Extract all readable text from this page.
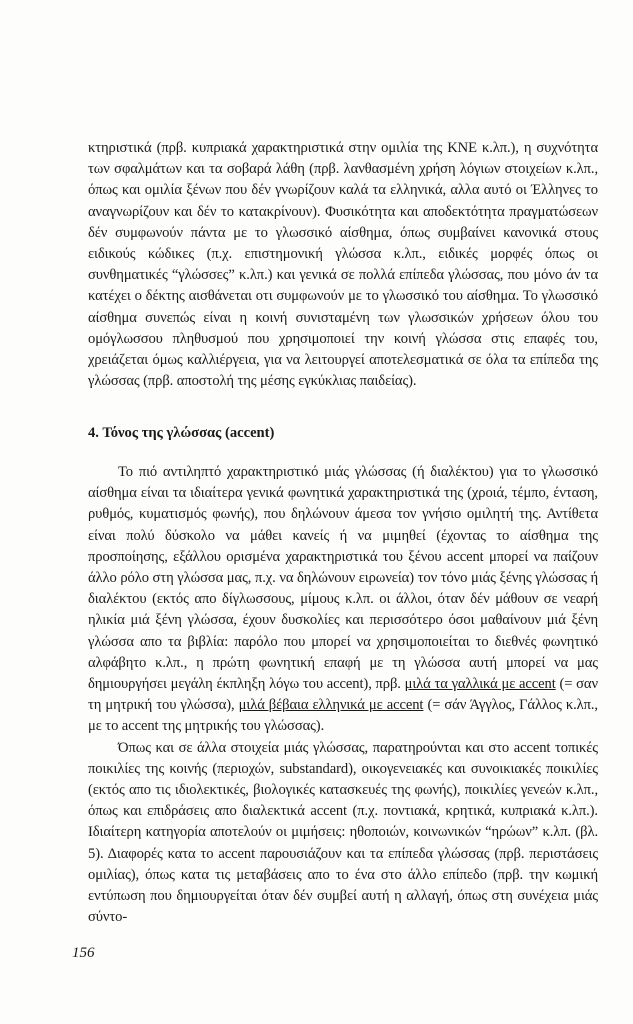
κτηριστικά (πρβ. κυπριακά χαρακτηριστικά στην ομιλία της ΚΝΕ κ.λπ.), η συχνότητα των σφαλμάτων και τα σοβαρά λάθη (πρβ. λανθασμένη χρήση λόγιων στοιχείων κ.λπ., όπως και ομιλία ξένων που δέν γνωρίζουν καλά τα ελληνικά, αλλα αυτό οι Έλληνες το αναγνωρίζουν και δέν το κατακρίνουν). Φυσικότητα και αποδεκτότητα πραγματώσεων δέν συμφωνούν πάντα με το γλωσσικό αίσθημα, όπως συμβαίνει κανονικά στους ειδικούς κώδικες (π.χ. επιστημονική γλώσσα κ.λπ., ειδικές μορφές όπως οι συνθηματικές “γλώσσες” κ.λπ.) και γενικά σε πολλά επίπεδα γλώσσας, που μόνο άν τα κατέχει ο δέκτης αισθάνεται οτι συμφωνούν με το γλωσσικό του αίσθημα. Το γλωσσικό αίσθημα συνεπώς είναι η κοινή συνισταμένη των γλωσσικών χρήσεων όλου του ομόγλωσσου πληθυσμού που χρησιμοποιεί την κοινή γλώσσα στις επαφές του, χρειάζεται όμως καλλιέργεια, για να λειτουργεί αποτελεσματικά σε όλα τα επίπεδα της γλώσσας (πρβ. αποστολή της μέσης εγκύκλιας παιδείας).

4. Τόνος της γλώσσας (accent)

Το πιό αντιληπτό χαρακτηριστικό μιάς γλώσσας (ή διαλέκτου) για το γλωσσικό αίσθημα είναι τα ιδιαίτερα γενικά φωνητικά χαρακτηριστικά της (χροιά, τέμπο, ένταση, ρυθμός, κυματισμός φωνής), που δηλώνουν άμεσα τον γνήσιο ομιλητή της. Αντίθετα είναι πολύ δύσκολο να μάθει κανείς ή να μιμηθεί (έχοντας το αίσθημα της προσποίησης, εξάλλου ορισμένα χαρακτηριστικά του ξένου accent μπορεί να παίζουν άλλο ρόλο στη γλώσσα μας, π.χ. να δηλώνουν ειρωνεία) τον τόνο μιάς ξένης γλώσσας ή διαλέκτου (εκτός απο δίγλωσσους, μίμους κ.λπ. οι άλλοι, όταν δέν μάθουν σε νεαρή ηλικία μιά ξένη γλώσσα, έχουν δυσκολίες και περισσότερο όσοι μαθαίνουν μιά ξένη γλώσσα απο τα βιβλία: παρόλο που μπορεί να χρησιμοποιείται το διεθνές φωνητικό αλφάβητο κ.λπ., η πρώτη φωνητική επαφή με τη γλώσσα αυτή μπορεί να μας δημιουργήσει μεγάλη έκπληξη λόγω του accent), πρβ. μιλά τα γαλλικά με accent (= σαν τη μητρική του γλώσσα), μιλά βέβαια ελληνικά με accent (= σάν Άγγλος, Γάλλος κ.λπ., με το accent της μητρικής του γλώσσας).

Όπως και σε άλλα στοιχεία μιάς γλώσσας, παρατηρούνται και στο accent τοπικές ποικιλίες της κοινής (περιοχών, substandard), οικογενειακές και συνοικιακές ποικιλίες (εκτός απο τις ιδιολεκτικές, βιολογικές κατασκευές της φωνής), ποικιλίες γενεών κ.λπ., όπως και επιδράσεις απο διαλεκτικά accent (π.χ. ποντιακά, κρητικά, κυπριακά κ.λπ.). Ιδιαίτερη κατηγορία αποτελούν οι μιμήσεις: ηθοποιών, κοινωνικών “ηρώων” κ.λπ. (βλ. 5). Διαφορές κατα το accent παρουσιάζουν και τα επίπεδα γλώσσας (πρβ. περιστάσεις ομιλίας), όπως κατα τις μεταβάσεις απο το ένα στο άλλο επίπεδο (πρβ. την κωμική εντύπωση που δημιουργείται όταν δέν συμβεί αυτή η αλλαγή, όπως στη συνέχεια μιάς σύντο-

156
